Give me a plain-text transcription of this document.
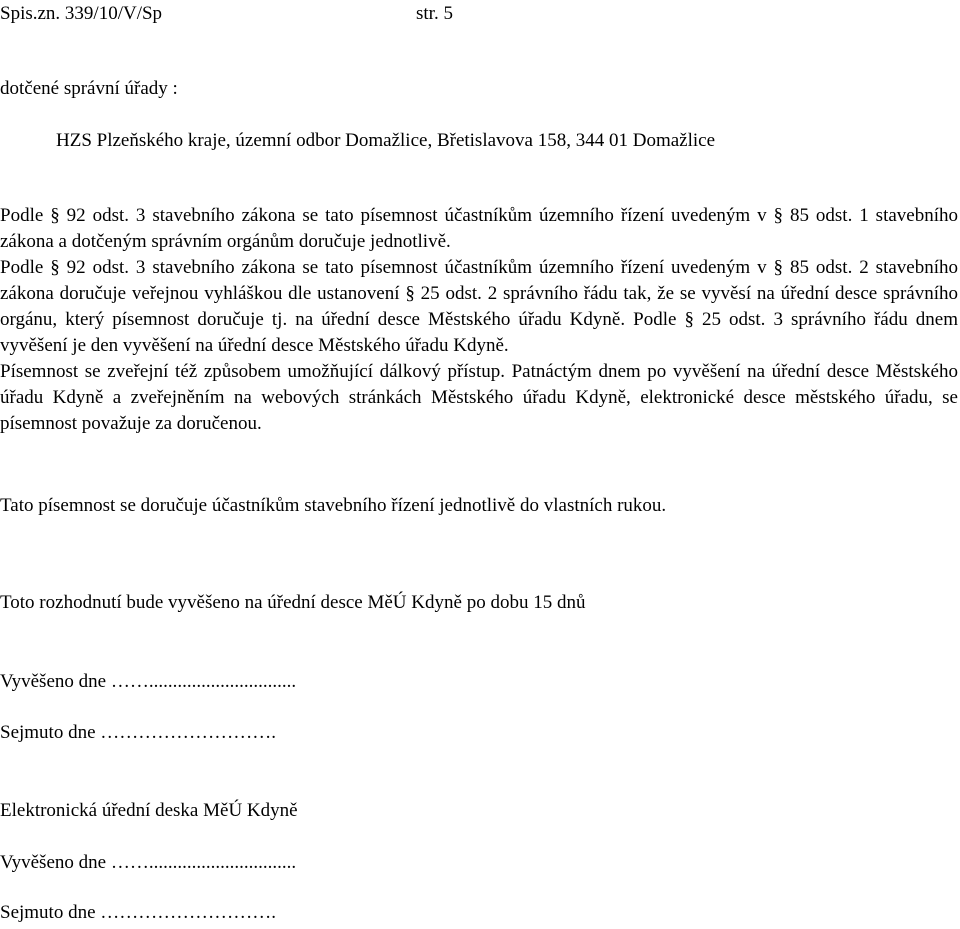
Spis.zn. 339/10/V/Sp	str. 5
dotčené správní úřady :
HZS Plzeňského kraje, územní odbor Domažlice, Břetislavova 158, 344 01 Domažlice
Podle § 92 odst. 3 stavebního zákona se tato písemnost účastníkům územního řízení uvedeným v § 85 odst. 1 stavebního zákona a dotčeným správním orgánům doručuje jednotlivě.
Podle § 92 odst. 3 stavebního zákona se tato písemnost účastníkům územního řízení uvedeným v § 85 odst. 2 stavebního zákona doručuje veřejnou vyhláškou dle ustanovení § 25 odst. 2 správního řádu tak, že se vyvěsí na úřední desce správního orgánu, který písemnost doručuje tj. na úřední desce Městského úřadu Kdyně. Podle § 25 odst. 3 správního řádu dnem vyvěšení je den vyvěšení na úřední desce Městského úřadu Kdyně.
Písemnost se zveřejní též způsobem umožňující dálkový přístup. Patnáctým dnem po vyvěšení na úřední desce Městského úřadu Kdyně a zveřejněním na webových stránkách Městského úřadu Kdyně, elektronické desce městského úřadu, se písemnost považuje za doručenou.
Tato písemnost se doručuje účastníkům stavebního řízení jednotlivě do vlastních rukou.
Toto rozhodnutí bude vyvěšeno na úřední desce MěÚ Kdyně po dobu 15 dnů
Vyvěšeno dne ……...............................
Sejmuto dne ……………………….
Elektronická úřední deska MěÚ Kdyně
Vyvěšeno dne ……...............................
Sejmuto dne ……………………….
